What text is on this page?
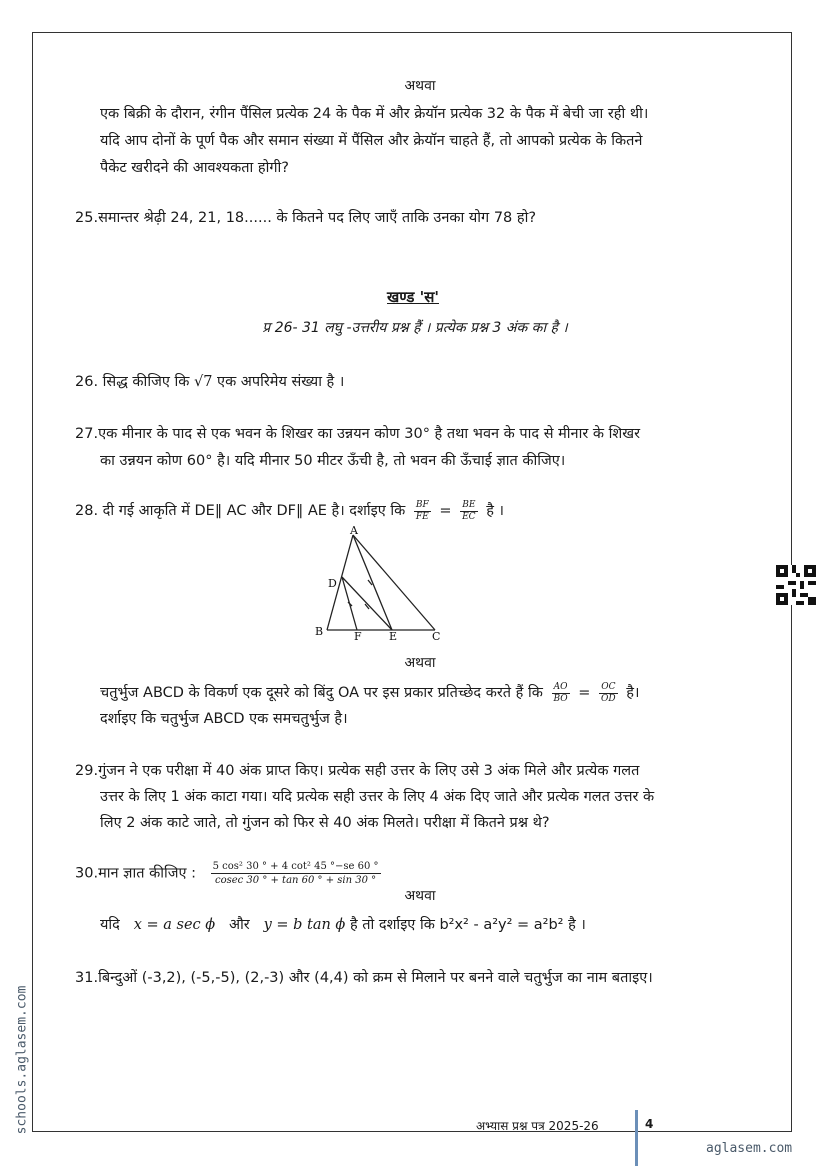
अथवा
एक बिक्री के दौरान, रंगीन पैंसिल प्रत्येक 24 के पैक में और क्रेयॉन प्रत्येक 32 के पैक में बेची जा रही थी।
यदि आप दोनों के पूर्ण पैक और समान संख्या में पैंसिल और क्रेयॉन चाहते हैं, तो आपको प्रत्येक के कितने
पैकेट खरीदने की आवश्यकता होगी?
25.समान्तर श्रेढ़ी 24, 21, 18...... के कितने पद लिए जाएँ ताकि उनका योग 78 हो?
खण्ड 'स'
प्र 26- 31 लघु -उत्तरीय प्रश्न हैं । प्रत्येक प्रश्न 3 अंक का है ।
26. सिद्ध कीजिए कि √7 एक अपरिमेय संख्या है ।
27.एक मीनार के पाद से एक भवन के शिखर का उन्नयन कोण 30° है तथा भवन के पाद से मीनार के शिखर
का उन्नयन कोण 60° है। यदि मीनार 50 मीटर ऊँची है, तो भवन की ऊँचाई ज्ञात कीजिए।
28. दी गई आकृति में DE‖ AC और DF‖ AE है। दर्शाइए कि $\frac{BF}{FE} = \frac{BE}{EC}$ है ।
A
B	C
D
E
F
अथवा
चतुर्भुज ABCD के विकर्ण एक दूसरे को बिंदु OA पर इस प्रकार प्रतिच्छेद करते हैं कि $\frac{AO}{BO} = \frac{OC}{OD}$ है।
दर्शाइए कि चतुर्भुज ABCD एक समचतुर्भुज है।
29.गुंजन ने एक परीक्षा में 40 अंक प्राप्त किए। प्रत्येक सही उत्तर के लिए उसे 3 अंक मिले और प्रत्येक गलत
उत्तर के लिए 1 अंक काटा गया। यदि प्रत्येक सही उत्तर के लिए 4 अंक दिए जाते और प्रत्येक गलत उत्तर के
लिए 2 अंक काटे जाते, तो गुंजन को फिर से 40 अंक मिलते। परीक्षा में कितने प्रश्न थे?
30.मान ज्ञात कीजिए : $\frac{\text{5 cos² 30 ° + 4 cot² 45 °−se 60 °}}{cosec 30 ^\circ + \tan 60 ^\circ + \sin 30 ^\circ}$
अथवा
यदि x = a sec ϕ और y = b tan ϕ है तो दर्शाइए कि b²x² - a²y² = a²b² है ।
31.बिन्दुओं (-3,2), (-5,-5), (2,-3) और (4,4) को क्रम से मिलाने पर बनने वाले चतुर्भुज का नाम बताइए।
अभ्यास प्रश्न पत्र 2025-26	4
schools.aglasem.com
aglasem.com
